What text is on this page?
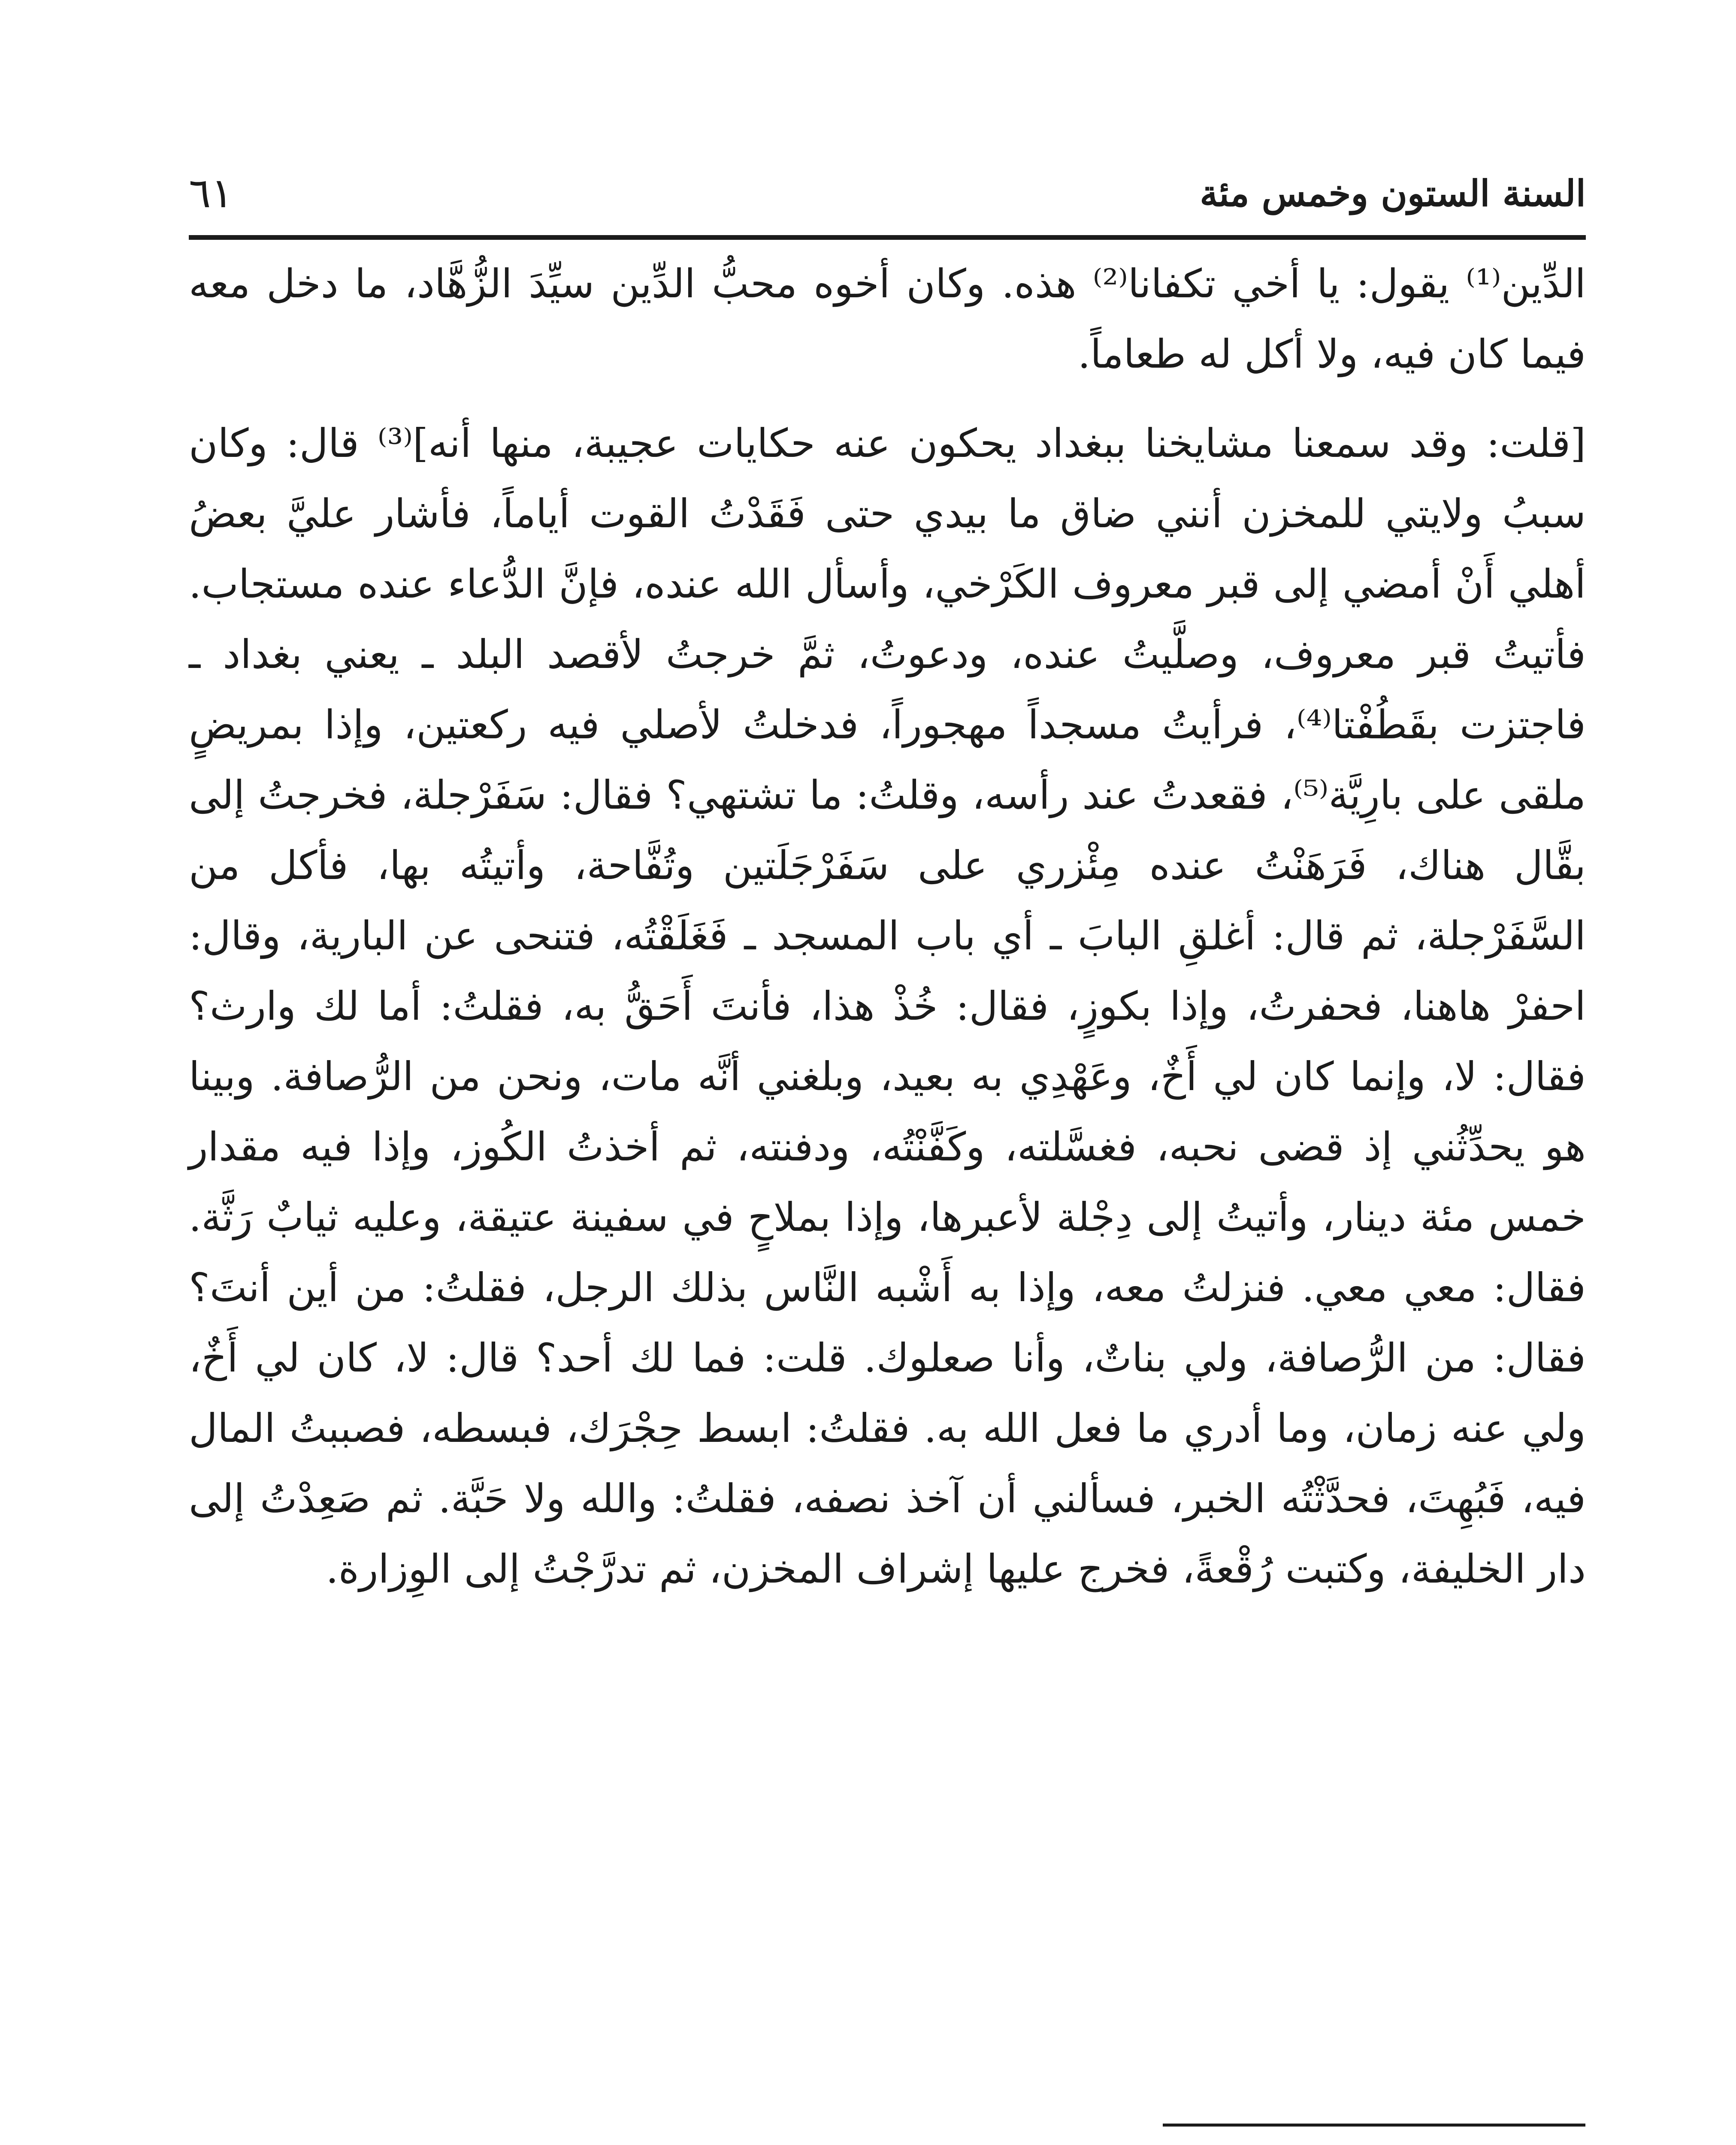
السنة الستون وخمس مئة
٦١

الدِّين⁽¹⁾ يقول: يا أخي تكفانا⁽²⁾ هذه. وكان أخوه محبُّ الدِّين سيِّدَ الزُّهَّاد، ما دخل معه فيما كان فيه، ولا أكل له طعاماً.

[قلت: وقد سمعنا مشايخنا ببغداد يحكون عنه حكايات عجيبة، منها أنه]⁽³⁾ قال: وكان سببُ ولايتي للمخزن أنني ضاق ما بيدي حتى فَقَدْتُ القوت أياماً، فأشار عليَّ بعضُ أهلي أَنْ أمضي إلى قبر معروف الكَرْخي، وأسأل الله عنده، فإنَّ الدُّعاء عنده مستجاب. فأتيتُ قبر معروف، وصلَّيتُ عنده، ودعوتُ، ثمَّ خرجتُ لأقصد البلد ـ يعني بغداد ـ فاجتزت بقَطُفْتا⁽⁴⁾، فرأيتُ مسجداً مهجوراً، فدخلتُ لأصلي فيه ركعتين، وإذا بمريضٍ ملقى على بارِيَّة⁽⁵⁾، فقعدتُ عند رأسه، وقلتُ: ما تشتهي؟ فقال: سَفَرْجلة، فخرجتُ إلى بقَّال هناك، فَرَهَنْتُ عنده مِئْزري على سَفَرْجَلَتين وتُفَّاحة، وأتيتُه بها، فأكل من السَّفَرْجلة، ثم قال: أغلقِ البابَ ـ أي باب المسجد ـ فَغَلَقْتُه، فتنحى عن البارية، وقال: احفرْ هاهنا، فحفرتُ، وإذا بكوزٍ، فقال: خُذْ هذا، فأنتَ أَحَقُّ به، فقلتُ: أما لك وارث؟ فقال: لا، وإنما كان لي أَخٌ، وعَهْدِي به بعيد، وبلغني أنَّه مات، ونحن من الرُّصافة. وبينا هو يحدِّثُني إذ قضى نحبه، فغسَّلته، وكَفَّنْتُه، ودفنته، ثم أخذتُ الكُوز، وإذا فيه مقدار خمس مئة دينار، وأتيتُ إلى دِجْلة لأعبرها، وإذا بملاحٍ في سفينة عتيقة، وعليه ثيابٌ رَثَّة. فقال: معي معي. فنزلتُ معه، وإذا به أَشْبه النَّاس بذلك الرجل، فقلتُ: من أين أنتَ؟ فقال: من الرُّصافة، ولي بناتٌ، وأنا صعلوك. قلت: فما لك أحد؟ قال: لا، كان لي أَخٌ، ولي عنه زمان، وما أدري ما فعل الله به. فقلتُ: ابسط حِجْرَك، فبسطه، فصببتُ المال فيه، فَبُهِتَ، فحدَّثْتُه الخبر، فسألني أن آخذ نصفه، فقلتُ: والله ولا حَبَّة. ثم صَعِدْتُ إلى دار الخليفة، وكتبت رُقْعةً، فخرج عليها إشراف المخزن، ثم تدرَّجْتُ إلى الوِزارة.
